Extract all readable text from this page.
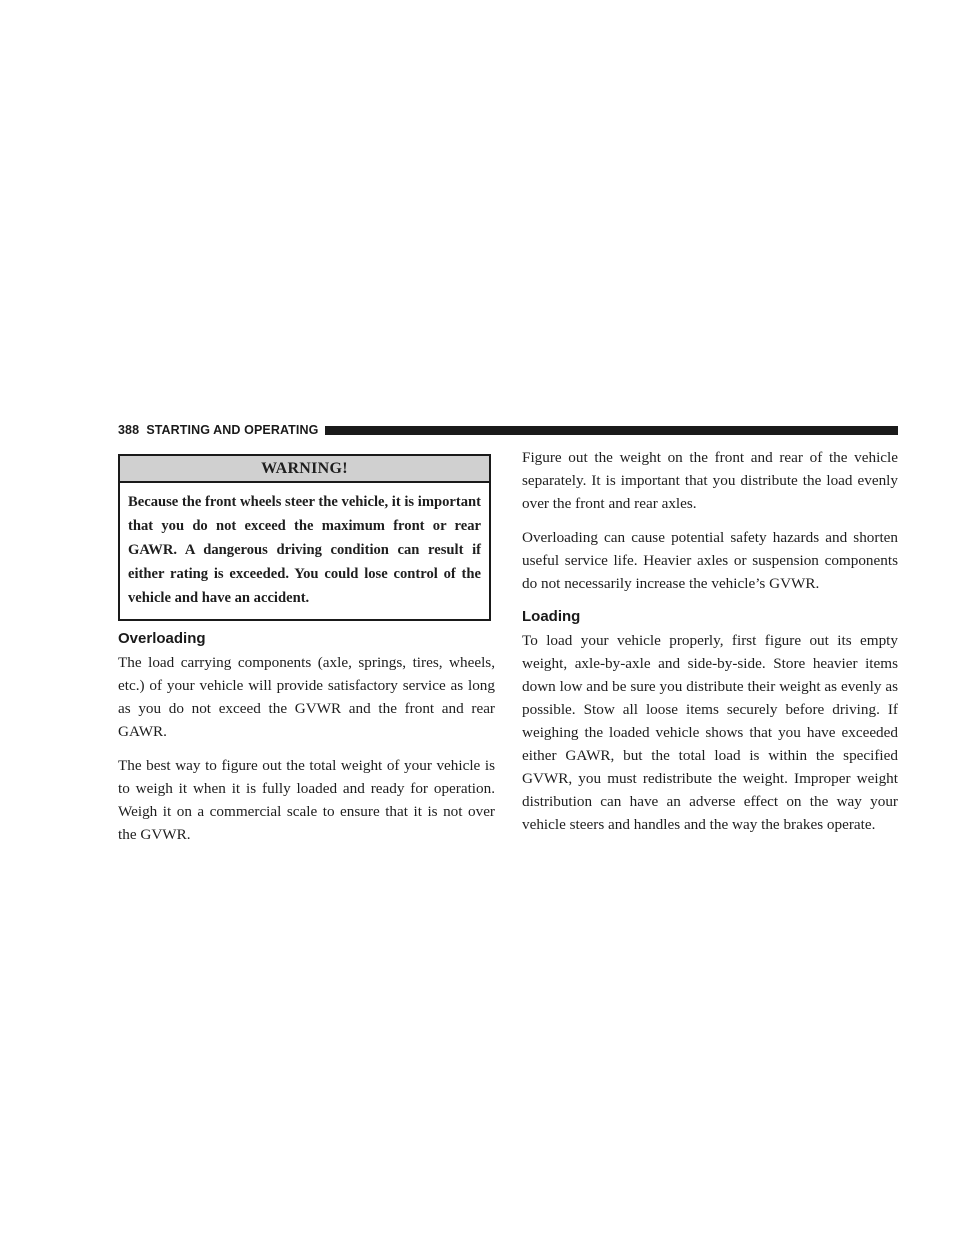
388 STARTING AND OPERATING
WARNING!
Because the front wheels steer the vehicle, it is important that you do not exceed the maximum front or rear GAWR. A dangerous driving condition can result if either rating is exceeded. You could lose control of the vehicle and have an accident.
Overloading

The load carrying components (axle, springs, tires, wheels, etc.) of your vehicle will provide satisfactory service as long as you do not exceed the GVWR and the front and rear GAWR.

The best way to figure out the total weight of your vehicle is to weigh it when it is fully loaded and ready for operation. Weigh it on a commercial scale to ensure that it is not over the GVWR.

Figure out the weight on the front and rear of the vehicle separately. It is important that you distribute the load evenly over the front and rear axles.

Overloading can cause potential safety hazards and shorten useful service life. Heavier axles or suspension components do not necessarily increase the vehicle’s GVWR.

Loading

To load your vehicle properly, first figure out its empty weight, axle-by-axle and side-by-side. Store heavier items down low and be sure you distribute their weight as evenly as possible. Stow all loose items securely before driving. If weighing the loaded vehicle shows that you have exceeded either GAWR, but the total load is within the specified GVWR, you must redistribute the weight. Improper weight distribution can have an adverse effect on the way your vehicle steers and handles and the way the brakes operate.
